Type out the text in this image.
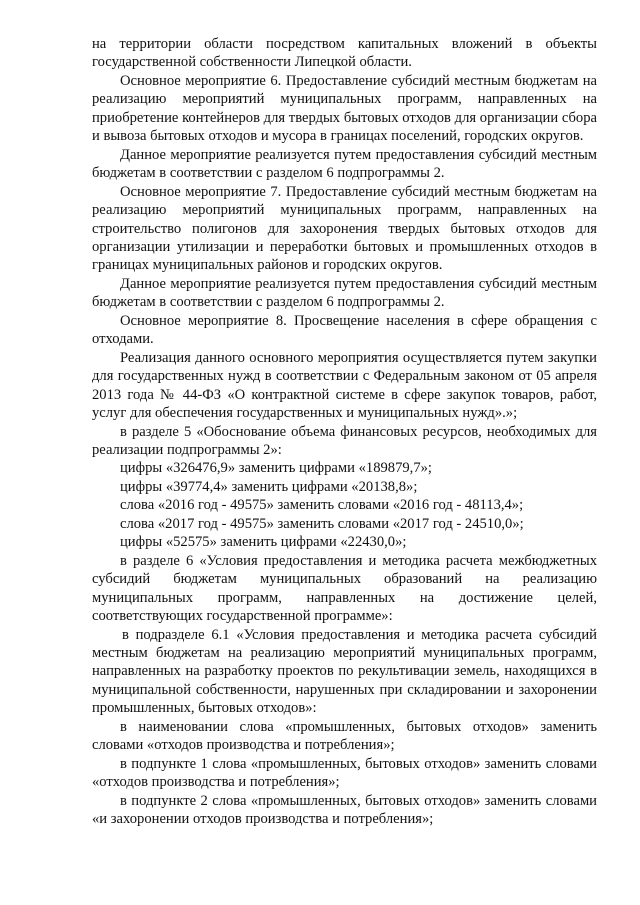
на территории области посредством капитальных вложений в объекты государственной собственности Липецкой области.

Основное мероприятие 6. Предоставление субсидий местным бюджетам на реализацию мероприятий муниципальных программ, направленных на приобретение контейнеров для твердых бытовых отходов для организации сбора и вывоза бытовых отходов и мусора в границах поселений, городских округов.

Данное мероприятие реализуется путем предоставления субсидий местным бюджетам в соответствии с разделом 6 подпрограммы 2.

Основное мероприятие 7. Предоставление субсидий местным бюджетам на реализацию мероприятий муниципальных программ, направленных на строительство полигонов для захоронения твердых бытовых отходов для организации утилизации и переработки бытовых и промышленных отходов в границах муниципальных районов и городских округов.

Данное мероприятие реализуется путем предоставления субсидий местным бюджетам в соответствии с разделом 6 подпрограммы 2.

Основное мероприятие 8. Просвещение населения в сфере обращения с отходами.

Реализация данного основного мероприятия осуществляется путем закупки для государственных нужд в соответствии с Федеральным законом от 05 апреля 2013 года № 44-ФЗ «О контрактной системе в сфере закупок товаров, работ, услуг для обеспечения государственных и муниципальных нужд».»;

в разделе 5 «Обоснование объема финансовых ресурсов, необходимых для реализации подпрограммы 2»:

цифры «326476,9» заменить цифрами «189879,7»;

цифры «39774,4» заменить цифрами «20138,8»;

слова «2016 год - 49575» заменить словами «2016 год - 48113,4»;

слова «2017 год - 49575» заменить словами «2017 год - 24510,0»;

цифры «52575» заменить цифрами «22430,0»;

в разделе 6 «Условия предоставления и методика расчета межбюджетных субсидий бюджетам муниципальных образований на реализацию муниципальных программ, направленных на достижение целей, соответствующих государственной программе»:

в подразделе 6.1 «Условия предоставления и методика расчета субсидий местным бюджетам на реализацию мероприятий муниципальных программ, направленных на разработку проектов по рекультивации земель, находящихся в муниципальной собственности, нарушенных при складировании и захоронении промышленных, бытовых отходов»:

в наименовании слова «промышленных, бытовых отходов» заменить словами «отходов производства и потребления»;

в подпункте 1 слова «промышленных, бытовых отходов» заменить словами «отходов производства и потребления»;

в подпункте 2 слова «промышленных, бытовых отходов» заменить словами «и захоронении отходов производства и потребления»;
